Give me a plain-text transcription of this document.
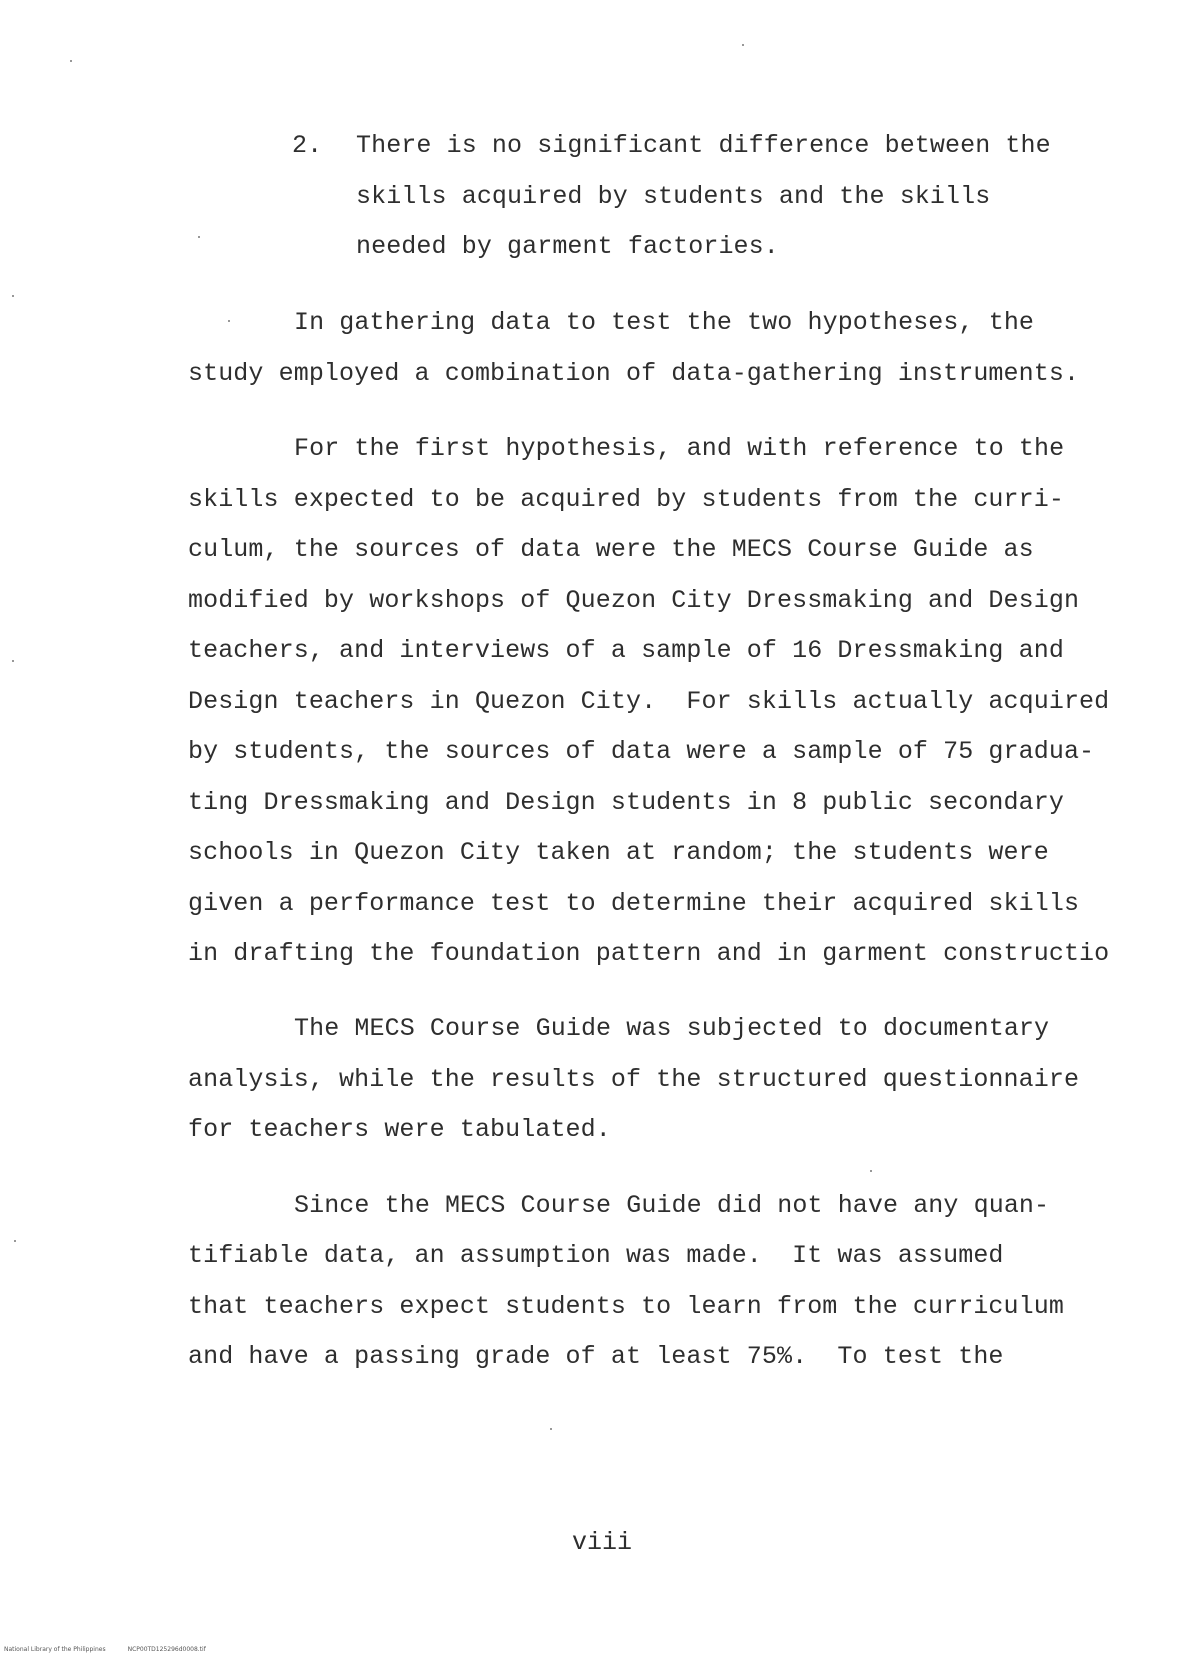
2. There is no significant difference between the
skills acquired by students and the skills
needed by garment factories.
In gathering data to test the two hypotheses, the
study employed a combination of data-gathering instruments.
For the first hypothesis, and with reference to the
skills expected to be acquired by students from the curri-
culum, the sources of data were the MECS Course Guide as
modified by workshops of Quezon City Dressmaking and Design
teachers, and interviews of a sample of 16 Dressmaking and
Design teachers in Quezon City.  For skills actually acquired
by students, the sources of data were a sample of 75 gradua-
ting Dressmaking and Design students in 8 public secondary
schools in Quezon City taken at random; the students were
given a performance test to determine their acquired skills
in drafting the foundation pattern and in garment constructio
The MECS Course Guide was subjected to documentary
analysis, while the results of the structured questionnaire
for teachers were tabulated.
Since the MECS Course Guide did not have any quan-
tifiable data, an assumption was made.  It was assumed
that teachers expect students to learn from the curriculum
and have a passing grade of at least 75%.  To test the
viii
National Library of the Philippines	NCP00TD125296d0008.tif
